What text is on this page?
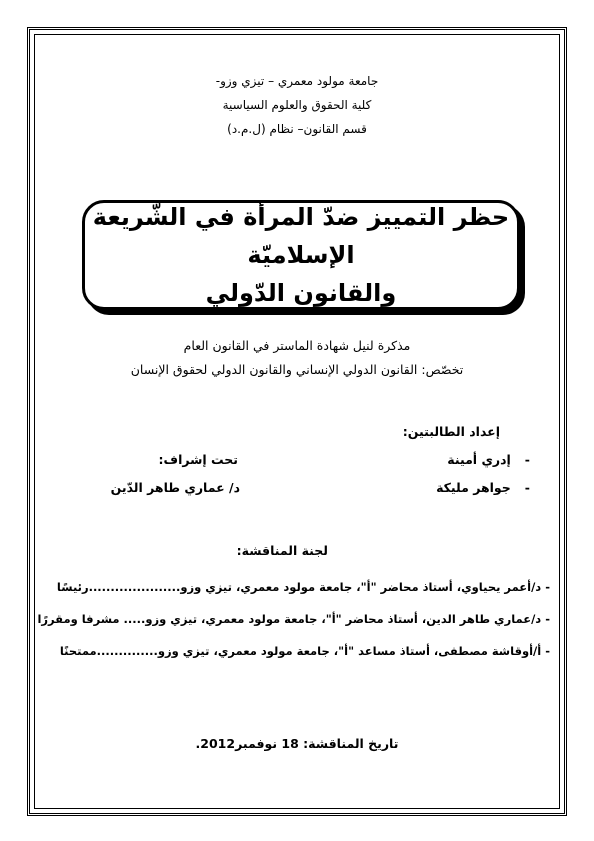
جامعة مولود معمري – تيزي وزو-
كلية الحقوق والعلوم السياسية
قسم القانون– نظام (ل.م.د)
حظر التمييز ضدّ المرأة في الشّريعة الإسلاميّة
والقانون الدّولي
مذكرة لنيل شهادة الماستر في القانون العام
تخصّص: القانون الدولي الإنساني والقانون الدولي لحقوق الإنسان
إعداد الطالبتين:
-إدري أمينة
-جواهر مليكة
تحت إشراف:
د/ عماري طاهر الدّين
لجنة المناقشة:
- د/أعمر يحياوي، أستاذ محاضر "أ"، جامعة مولود معمري، تيزي وزو.....................رئيسًا
- د/عماري طاهر الدين، أستاذ محاضر "أ"، جامعة مولود معمري، تيزي وزو..... مشرفا ومقررًا
- أ/أوقاشة مصطفى، أستاذ مساعد "أ"، جامعة مولود معمري، تيزي وزو..............ممتحنًا
تاريخ المناقشة: 18 نوفمبر2012.
